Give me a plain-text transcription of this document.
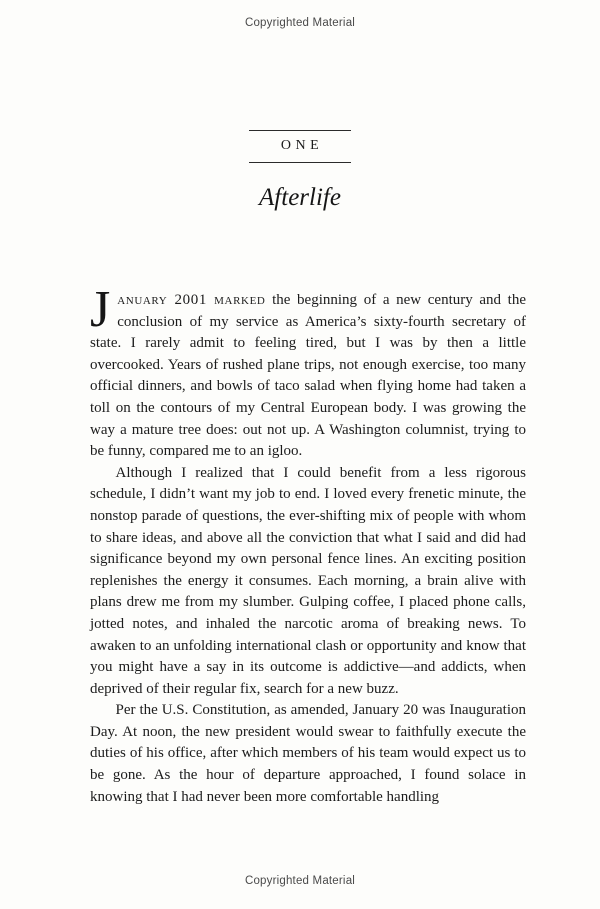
Copyrighted Material
ONE
Afterlife

J anuary 2001 marked the beginning of a new century and the conclusion of my service as America’s sixty-fourth secretary of state. I rarely admit to feeling tired, but I was by then a little overcooked. Years of rushed plane trips, not enough exercise, too many official dinners, and bowls of taco salad when flying home had taken a toll on the contours of my Central European body. I was growing the way a mature tree does: out not up. A Washington columnist, trying to be funny, compared me to an igloo.

Although I realized that I could benefit from a less rigorous schedule, I didn’t want my job to end. I loved every frenetic minute, the nonstop parade of questions, the ever-shifting mix of people with whom to share ideas, and above all the conviction that what I said and did had significance beyond my own personal fence lines. An exciting position replenishes the energy it consumes. Each morning, a brain alive with plans drew me from my slumber. Gulping coffee, I placed phone calls, jotted notes, and inhaled the narcotic aroma of breaking news. To awaken to an unfolding international clash or opportunity and know that you might have a say in its outcome is addictive—and addicts, when deprived of their regular fix, search for a new buzz.

Per the U.S. Constitution, as amended, January 20 was Inauguration Day. At noon, the new president would swear to faithfully execute the duties of his office, after which members of his team would expect us to be gone. As the hour of departure approached, I found solace in knowing that I had never been more comfortable handling

Copyrighted Material
